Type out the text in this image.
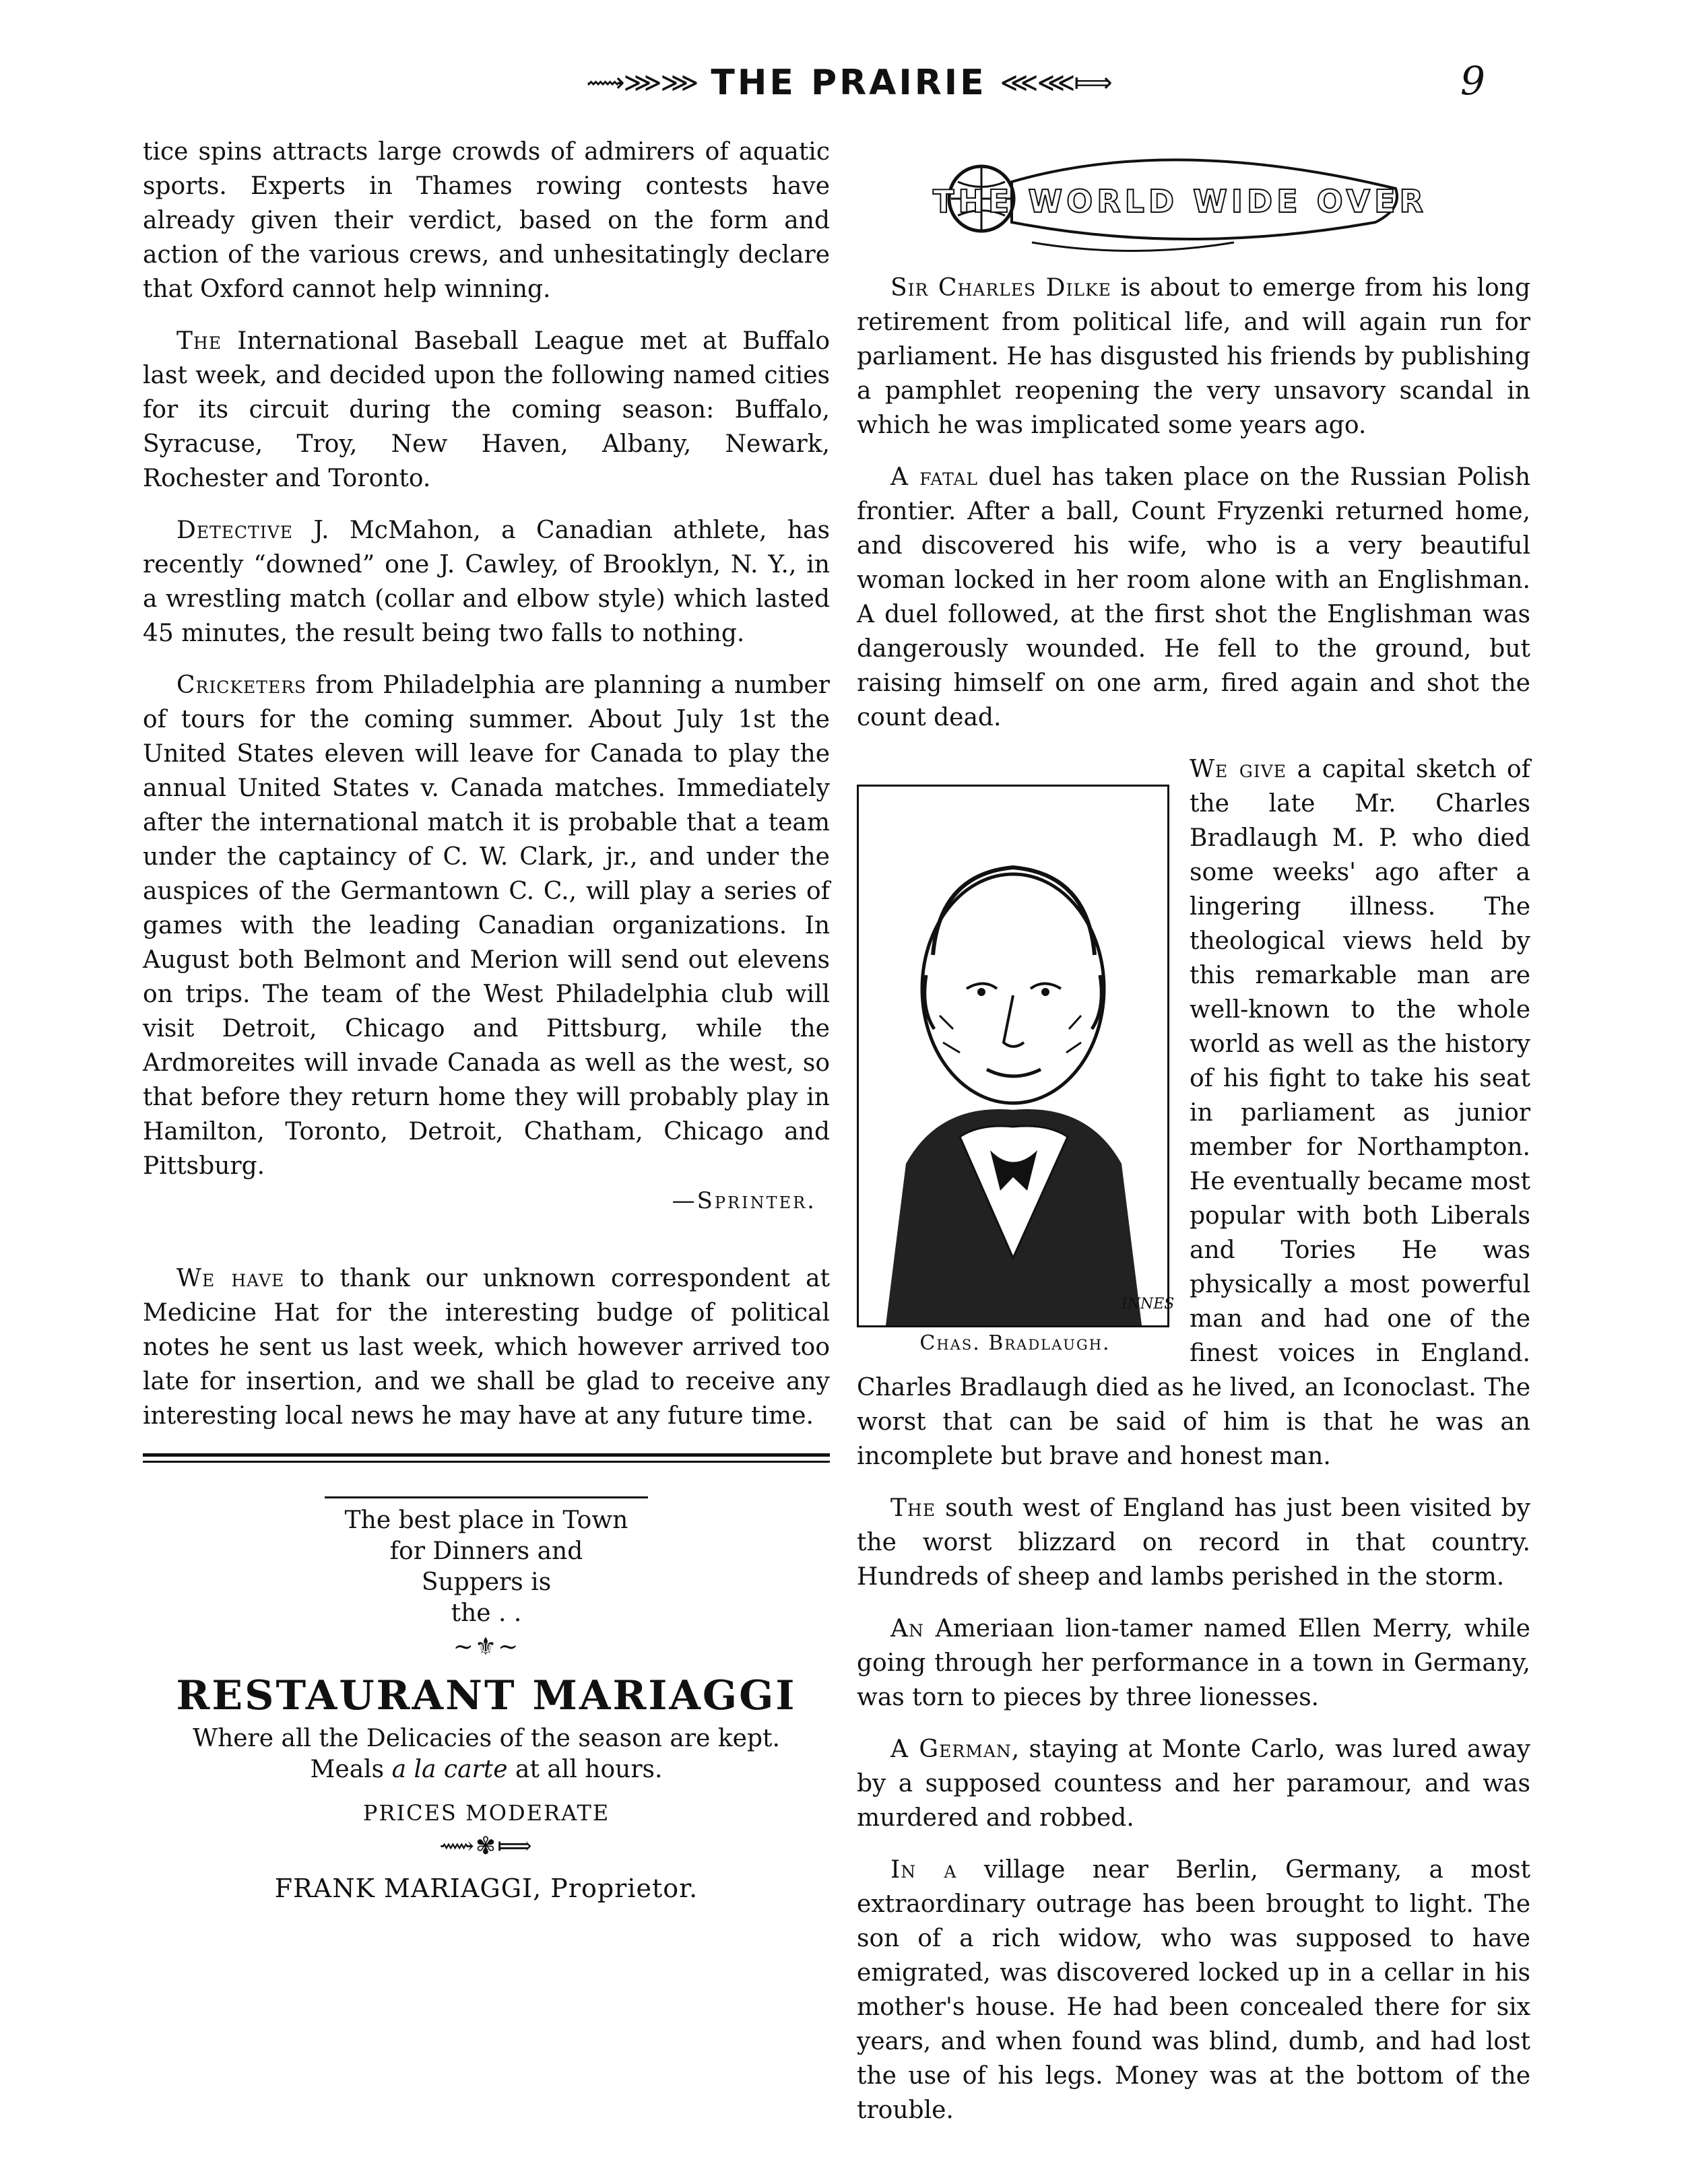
⟿⋙⋙ THE PRAIRIE ⋘⋘⟾	9

tice spins attracts large crowds of admirers of aquatic sports. Experts in Thames rowing contests have already given their verdict, based on the form and action of the various crews, and unhesitatingly declare that Oxford cannot help winning.

The International Baseball League met at Buffalo last week, and decided upon the following named cities for its circuit during the coming season: Buffalo, Syracuse, Troy, New Haven, Albany, Newark, Rochester and Toronto.

Detective J. McMahon, a Canadian athlete, has recently “downed” one J. Cawley, of Brooklyn, N. Y., in a wrestling match (collar and elbow style) which lasted 45 minutes, the result being two falls to nothing.

Cricketers from Philadelphia are planning a number of tours for the coming summer. About July 1st the United States eleven will leave for Canada to play the annual United States v. Canada matches. Immediately after the international match it is probable that a team under the captaincy of C. W. Clark, jr., and under the auspices of the Germantown C. C., will play a series of games with the leading Canadian organizations. In August both Belmont and Merion will send out elevens on trips. The team of the West Philadelphia club will visit Detroit, Chicago and Pittsburg, while the Ardmoreites will invade Canada as well as the west, so that before they return home they will probably play in Hamilton, Toronto, Detroit, Chatham, Chicago and Pittsburg.

—Sprinter.

We have to thank our unknown correspondent at Medicine Hat for the interesting budge of political notes he sent us last week, which however arrived too late for insertion, and we shall be glad to receive any interesting local news he may have at any future time.

The best place in Town
for Dinners and
Suppers is
the . .
~⚜~
RESTAURANT MARIAGGI
Where all the Delicacies of the season are kept.
Meals a la carte at all hours.
PRICES MODERATE
⟿✾⟾
FRANK MARIAGGI, Proprietor.
THE WORLD WIDE OVER

Sir Charles Dilke is about to emerge from his long retirement from political life, and will again run for parliament. He has disgusted his friends by publishing a pamphlet reopening the very unsavory scandal in which he was implicated some years ago.

A fatal duel has taken place on the Russian Polish frontier. After a ball, Count Fryzenki returned home, and discovered his wife, who is a very beautiful woman locked in her room alone with an Englishman. A duel followed, at the first shot the Englishman was dangerously wounded. He fell to the ground, but raising himself on one arm, fired again and shot the count dead.

INNES
Chas. Bradlaugh.

We give a capital sketch of the late Mr. Charles Bradlaugh M. P. who died some weeks' ago after a lingering illness. The theological views held by this remarkable man are well-known to the whole world as well as the history of his fight to take his seat in parliament as junior member for Northampton. He eventually became most popular with both Liberals and Tories He was physically a most powerful man and had one of the finest voices in England. Charles Bradlaugh died as he lived, an Iconoclast. The worst that can be said of him is that he was an incomplete but brave and honest man.

The south west of England has just been visited by the worst blizzard on record in that country. Hundreds of sheep and lambs perished in the storm.

An Ameriaan lion-tamer named Ellen Merry, while going through her performance in a town in Germany, was torn to pieces by three lionesses.

A German, staying at Monte Carlo, was lured away by a supposed countess and her paramour, and was murdered and robbed.

In a village near Berlin, Germany, a most extraordinary outrage has been brought to light. The son of a rich widow, who was supposed to have emigrated, was discovered locked up in a cellar in his mother's house. He had been concealed there for six years, and when found was blind, dumb, and had lost the use of his legs. Money was at the bottom of the trouble.
